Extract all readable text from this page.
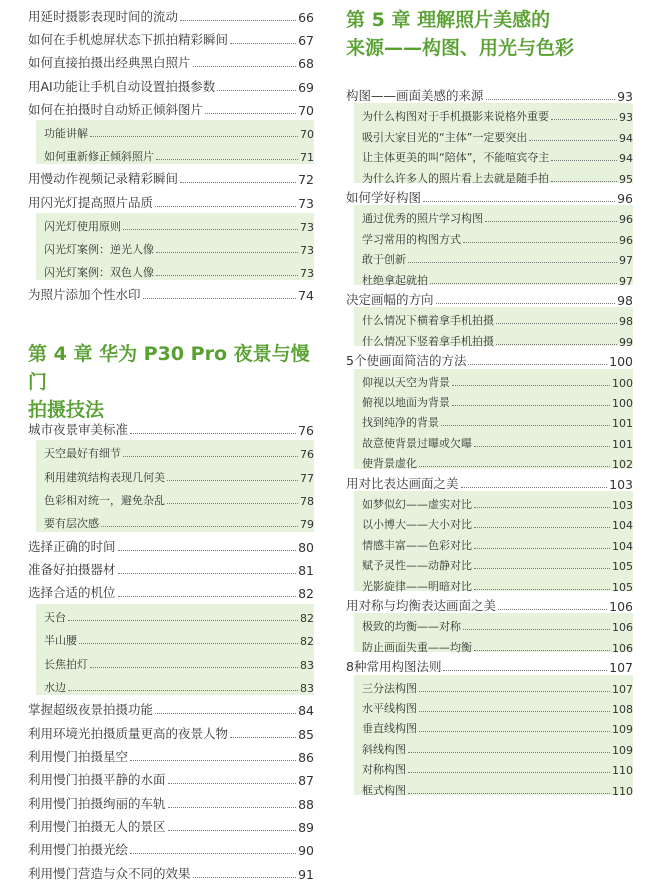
用延时摄影表现时间的流动	66
如何在手机熄屏状态下抓拍精彩瞬间	67
如何直接拍摄出经典黑白照片	68
用AI功能让手机自动设置拍摄参数	69
如何在拍摄时自动矫正倾斜图片	70
功能讲解	70
如何重新修正倾斜照片	71
用慢动作视频记录精彩瞬间	72
用闪光灯提高照片品质	73
闪光灯使用原则	73
闪光灯案例：逆光人像	73
闪光灯案例：双色人像	73
为照片添加个性水印	74
第 4 章 华为 P30 Pro 夜景与慢门
拍摄技法
城市夜景审美标准	76
天空最好有细节	76
利用建筑结构表现几何美	77
色彩相对统一，避免杂乱	78
要有层次感	79
选择正确的时间	80
准备好拍摄器材	81
选择合适的机位	82
天台	82
半山腰	82
长焦拍灯	83
水边	83
掌握超级夜景拍摄功能	84
利用环境光拍摄质量更高的夜景人物	85
利用慢门拍摄星空	86
利用慢门拍摄平静的水面	87
利用慢门拍摄绚丽的车轨	88
利用慢门拍摄无人的景区	89
利用慢门拍摄光绘	90
利用慢门营造与众不同的效果	91
第 5 章 理解照片美感的
来源——构图、用光与色彩
构图——画面美感的来源	93
为什么构图对于手机摄影来说格外重要	93
吸引大家目光的“主体”一定要突出	94
让主体更美的叫“陪体”，不能喧宾夺主	94
为什么许多人的照片看上去就是随手拍	95
如何学好构图	96
通过优秀的照片学习构图	96
学习常用的构图方式	96
敢于创新	97
杜绝拿起就拍	97
决定画幅的方向	98
什么情况下横着拿手机拍摄	98
什么情况下竖着拿手机拍摄	99
5个使画面简洁的方法	100
仰视以天空为背景	100
俯视以地面为背景	100
找到纯净的背景	101
故意使背景过曝或欠曝	101
使背景虚化	102
用对比表达画面之美	103
如梦似幻——虚实对比	103
以小博大——大小对比	104
情感丰富——色彩对比	104
赋予灵性——动静对比	105
光影旋律——明暗对比	105
用对称与均衡表达画面之美	106
极致的均衡——对称	106
防止画面失重——均衡	106
8种常用构图法则	107
三分法构图	107
水平线构图	108
垂直线构图	109
斜线构图	109
对称构图	110
框式构图	110
